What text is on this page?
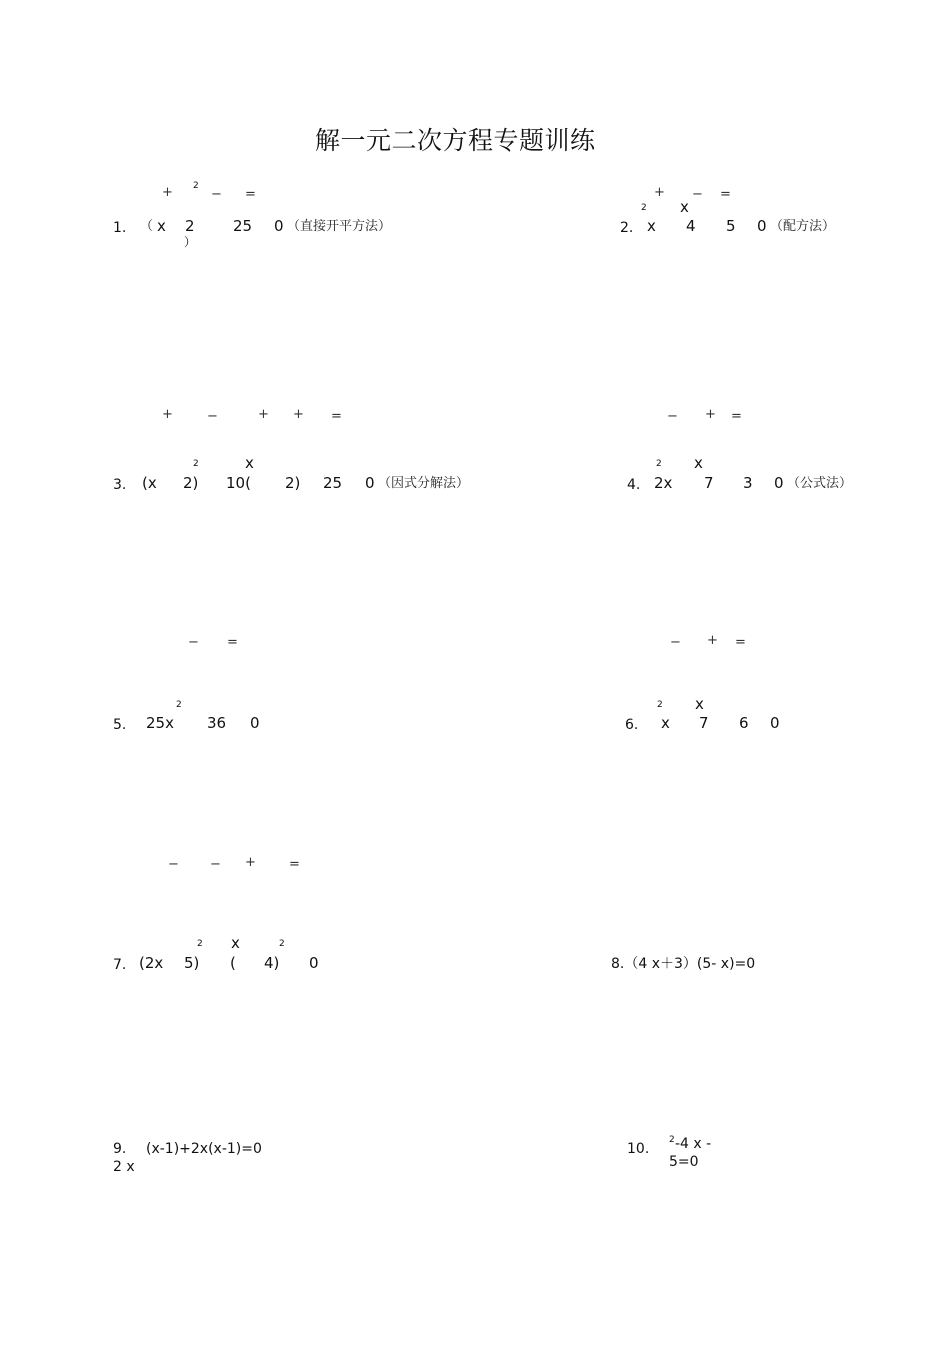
解一元二次方程专题训练
+ 2
− =
1. （ x 2
）
25 0 （直接开平方法）
+ − =
2 x
2. x 4 5 0 （配方法）
+	−	+ + =
2	x
3. (x 2) 10( 2) 25 0 （因式分解法）
− + =
2 x
4. 2x 7 3 0 （公式法）
− =
2
5. 25x 36 0
− + =
2 x
6. x 7 6 0
− − +	=
2 x	2
7. (2x 5) ( 4) 0	8.（4 x＋3）(5- x)=0
9. (x-1)+2x(x-1)=0
2 x
10.
2 -4 x -
5=0
